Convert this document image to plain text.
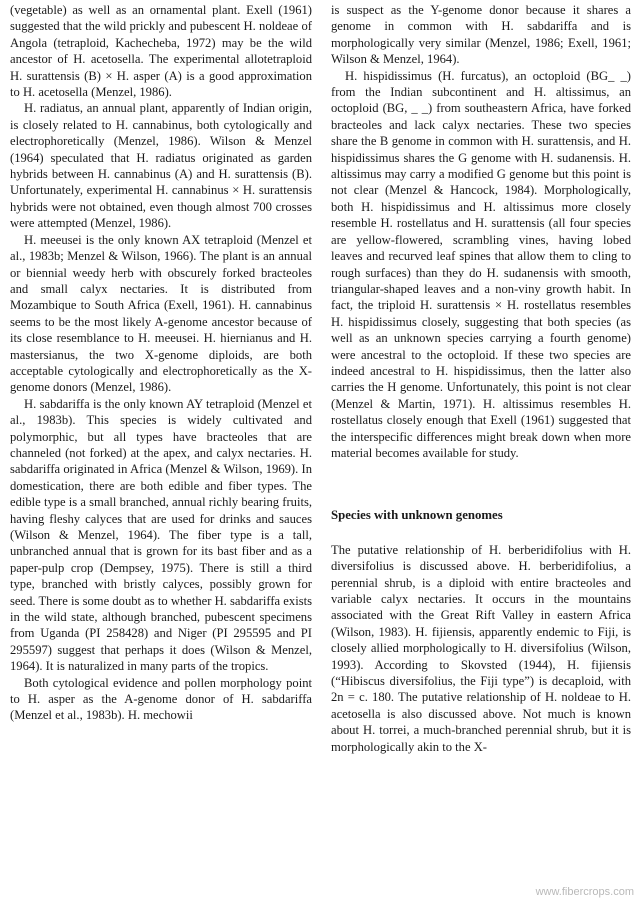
(vegetable) as well as an ornamental plant. Exell (1961) suggested that the wild prickly and pubescent H. noldeae of Angola (tetraploid, Kachecheba, 1972) may be the wild ancestor of H. acetosella. The experimental allotetraploid H. surattensis (B) × H. asper (A) is a good approximation to H. acetosella (Menzel, 1986).

H. radiatus, an annual plant, apparently of Indian origin, is closely related to H. cannabinus, both cytologically and electrophoretically (Menzel, 1986). Wilson & Menzel (1964) speculated that H. radiatus originated as garden hybrids between H. cannabinus (A) and H. surattensis (B). Unfortunately, experimental H. cannabinus × H. surattensis hybrids were not obtained, even though almost 700 crosses were attempted (Menzel, 1986).

H. meeusei is the only known AX tetraploid (Menzel et al., 1983b; Menzel & Wilson, 1966). The plant is an annual or biennial weedy herb with obscurely forked bracteoles and small calyx nectaries. It is distributed from Mozambique to South Africa (Exell, 1961). H. cannabinus seems to be the most likely A-genome ancestor because of its close resemblance to H. meeusei. H. hiernianus and H. mastersianus, the two X-genome diploids, are both acceptable cytologically and electrophoretically as the X-genome donors (Menzel, 1986).

H. sabdariffa is the only known AY tetraploid (Menzel et al., 1983b). This species is widely cultivated and polymorphic, but all types have bracteoles that are channeled (not forked) at the apex, and calyx nectaries. H. sabdariffa originated in Africa (Menzel & Wilson, 1969). In domestication, there are both edible and fiber types. The edible type is a small branched, annual richly bearing fruits, having fleshy calyces that are used for drinks and sauces (Wilson & Menzel, 1964). The fiber type is a tall, unbranched annual that is grown for its bast fiber and as a paper-pulp crop (Dempsey, 1975). There is still a third type, branched with bristly calyces, possibly grown for seed. There is some doubt as to whether H. sabdariffa exists in the wild state, although branched, pubescent specimens from Uganda (PI 258428) and Niger (PI 295595 and PI 295597) suggest that perhaps it does (Wilson & Menzel, 1964). It is naturalized in many parts of the tropics.

Both cytological evidence and pollen morphology point to H. asper as the A-genome donor of H. sabdariffa (Menzel et al., 1983b). H. mechowii

is suspect as the Y-genome donor because it shares a genome in common with H. sabdariffa and is morphologically very similar (Menzel, 1986; Exell, 1961; Wilson & Menzel, 1964).

H. hispidissimus (H. furcatus), an octoploid (BG_ _) from the Indian subcontinent and H. altissimus, an octoploid (BG, _ _) from southeastern Africa, have forked bracteoles and lack calyx nectaries. These two species share the B genome in common with H. surattensis, and H. hispidissimus shares the G genome with H. sudanensis. H. altissimus may carry a modified G genome but this point is not clear (Menzel & Hancock, 1984). Morphologically, both H. hispidissimus and H. altissimus more closely resemble H. rostellatus and H. surattensis (all four species are yellow-flowered, scrambling vines, having lobed leaves and recurved leaf spines that allow them to cling to rough surfaces) than they do H. sudanensis with smooth, triangular-shaped leaves and a non-viny growth habit. In fact, the triploid H. surattensis × H. rostellatus resembles H. hispidissimus closely, suggesting that both species (as well as an unknown species carrying a fourth genome) were ancestral to the octoploid. If these two species are indeed ancestral to H. hispidissimus, then the latter also carries the H genome. Unfortunately, this point is not clear (Menzel & Martin, 1971). H. altissimus resembles H. rostellatus closely enough that Exell (1961) suggested that the interspecific differences might break down when more material becomes available for study.

Species with unknown genomes

The putative relationship of H. berberidifolius with H. diversifolius is discussed above. H. berberidifolius, a perennial shrub, is a diploid with entire bracteoles and variable calyx nectaries. It occurs in the mountains associated with the Great Rift Valley in eastern Africa (Wilson, 1983). H. fijiensis, apparently endemic to Fiji, is closely allied morphologically to H. diversifolius (Wilson, 1993). According to Skovsted (1944), H. fijiensis (“Hibiscus diversifolius, the Fiji type”) is decaploid, with 2n = c. 180. The putative relationship of H. noldeae to H. acetosella is also discussed above. Not much is known about H. torrei, a much-branched perennial shrub, but it is morphologically akin to the X-

www.fibercrops.com
